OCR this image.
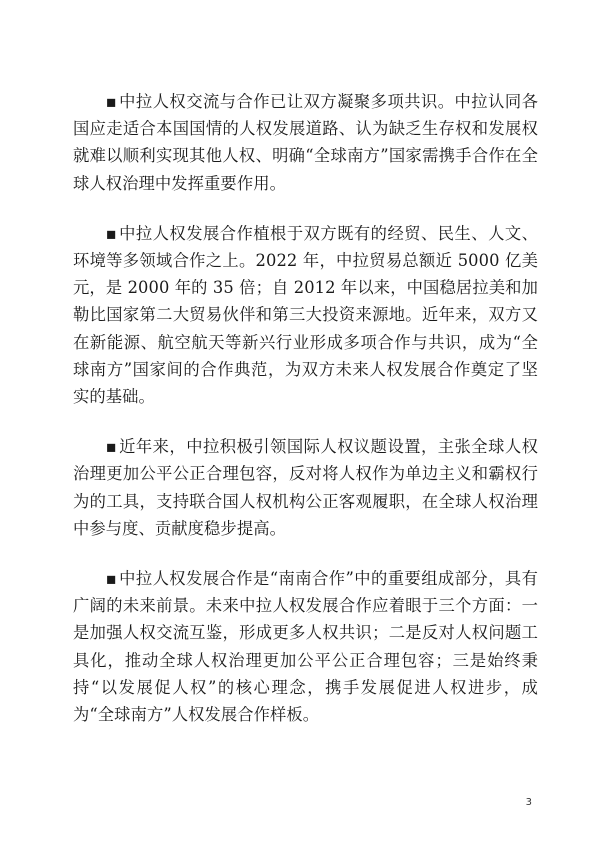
▪ 中拉人权交流与合作已让双方凝聚多项共识。中拉认同各国应走适合本国国情的人权发展道路、认为缺乏生存权和发展权就难以顺利实现其他人权、明确“全球南方”国家需携手合作在全球人权治理中发挥重要作用。

▪ 中拉人权发展合作植根于双方既有的经贸、民生、人文、环境等多领域合作之上。2022 年，中拉贸易总额近 5000 亿美元，是 2000 年的 35 倍；自 2012 年以来，中国稳居拉美和加勒比国家第二大贸易伙伴和第三大投资来源地。近年来，双方又在新能源、航空航天等新兴行业形成多项合作与共识，成为“全球南方”国家间的合作典范，为双方未来人权发展合作奠定了坚实的基础。

▪ 近年来，中拉积极引领国际人权议题设置，主张全球人权治理更加公平公正合理包容，反对将人权作为单边主义和霸权行为的工具，支持联合国人权机构公正客观履职，在全球人权治理中参与度、贡献度稳步提高。

▪ 中拉人权发展合作是“南南合作”中的重要组成部分，具有广阔的未来前景。未来中拉人权发展合作应着眼于三个方面：一是加强人权交流互鉴，形成更多人权共识；二是反对人权问题工具化，推动全球人权治理更加公平公正合理包容；三是始终秉持“以发展促人权”的核心理念，携手发展促进人权进步，成为“全球南方”人权发展合作样板。

3
